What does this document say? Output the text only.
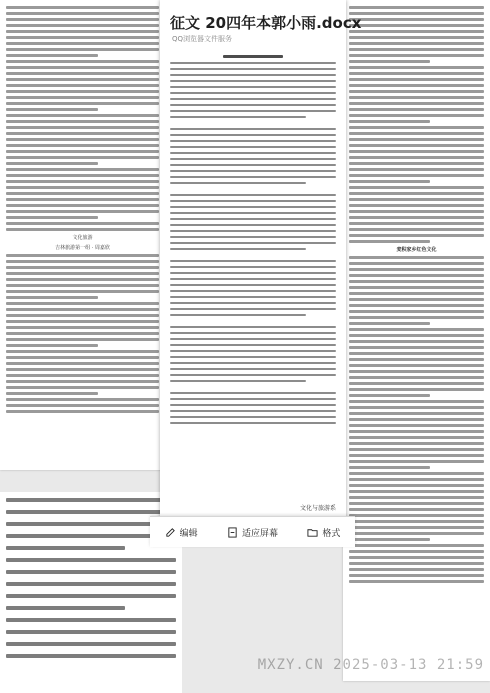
文化旅游
吉林旅游第一组 · 周嘉欣	麦积家乡红色文化
征文 20四年本郭小雨.docx
QQ浏览器文件服务
文化与旅游系
编辑	适应屏幕	格式
MXZY.CN 2025-03-13 21:59
